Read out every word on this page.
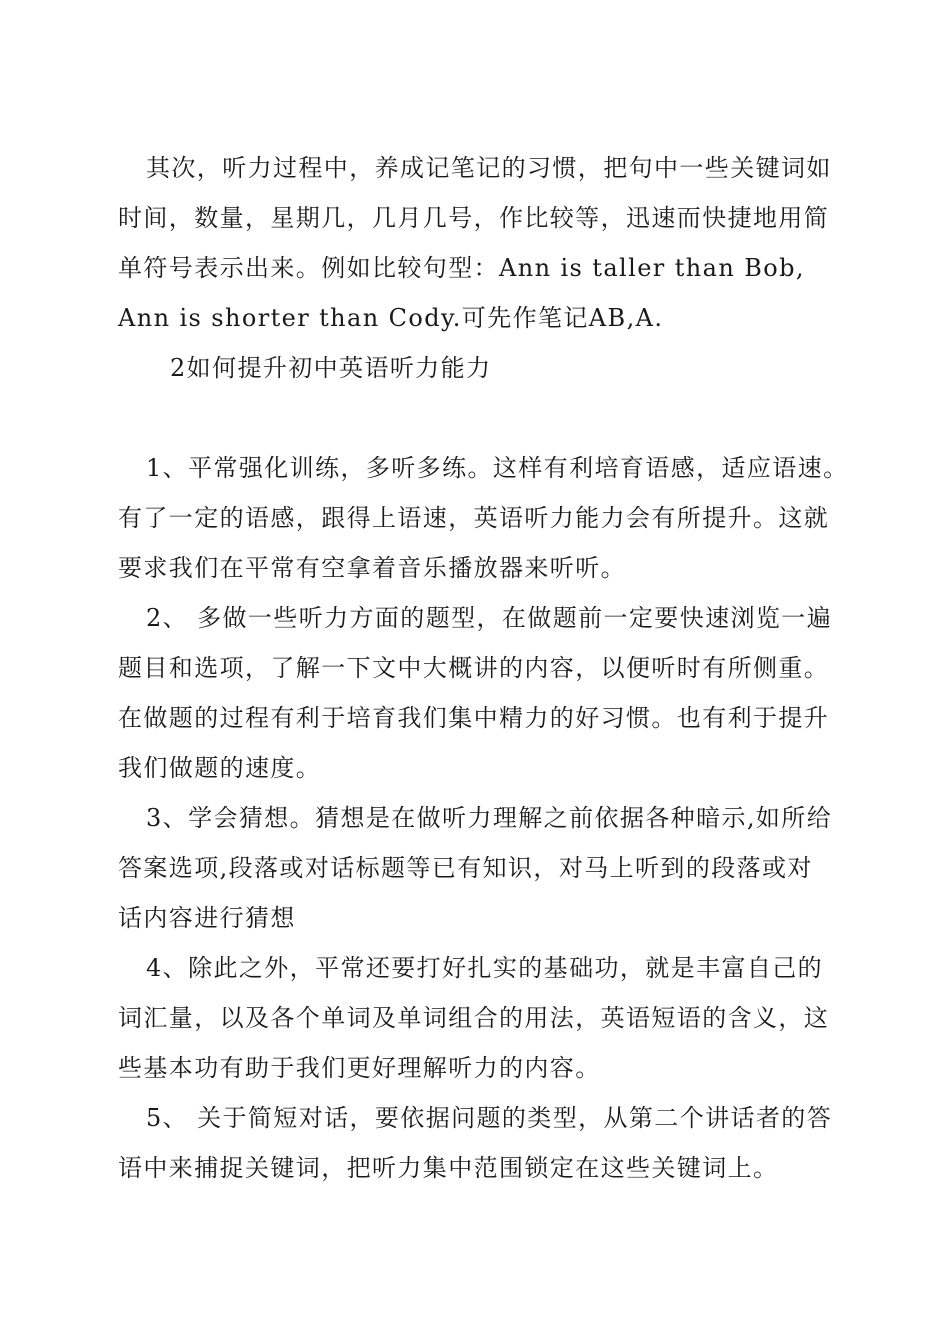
其次，听力过程中，养成记笔记的习惯，把句中一些关键词如
时间，数量，星期几，几月几号，作比较等，迅速而快捷地用简
单符号表示出来。例如比较句型：Ann is taller than Bob,
Ann is shorter than Cody.可先作笔记AB,A.
2如何提升初中英语听力能力
1、平常强化训练，多听多练。这样有利培育语感，适应语速。
有了一定的语感，跟得上语速，英语听力能力会有所提升。这就
要求我们在平常有空拿着音乐播放器来听听。
2、 多做一些听力方面的题型，在做题前一定要快速浏览一遍
题目和选项，了解一下文中大概讲的内容，以便听时有所侧重。
在做题的过程有利于培育我们集中精力的好习惯。也有利于提升
我们做题的速度。
3、学会猜想。猜想是在做听力理解之前依据各种暗示,如所给
答案选项,段落或对话标题等已有知识，对马上听到的段落或对
话内容进行猜想
4、除此之外，平常还要打好扎实的基础功，就是丰富自己的
词汇量，以及各个单词及单词组合的用法，英语短语的含义，这
些基本功有助于我们更好理解听力的内容。
5、 关于简短对话，要依据问题的类型，从第二个讲话者的答
语中来捕捉关键词，把听力集中范围锁定在这些关键词上。
